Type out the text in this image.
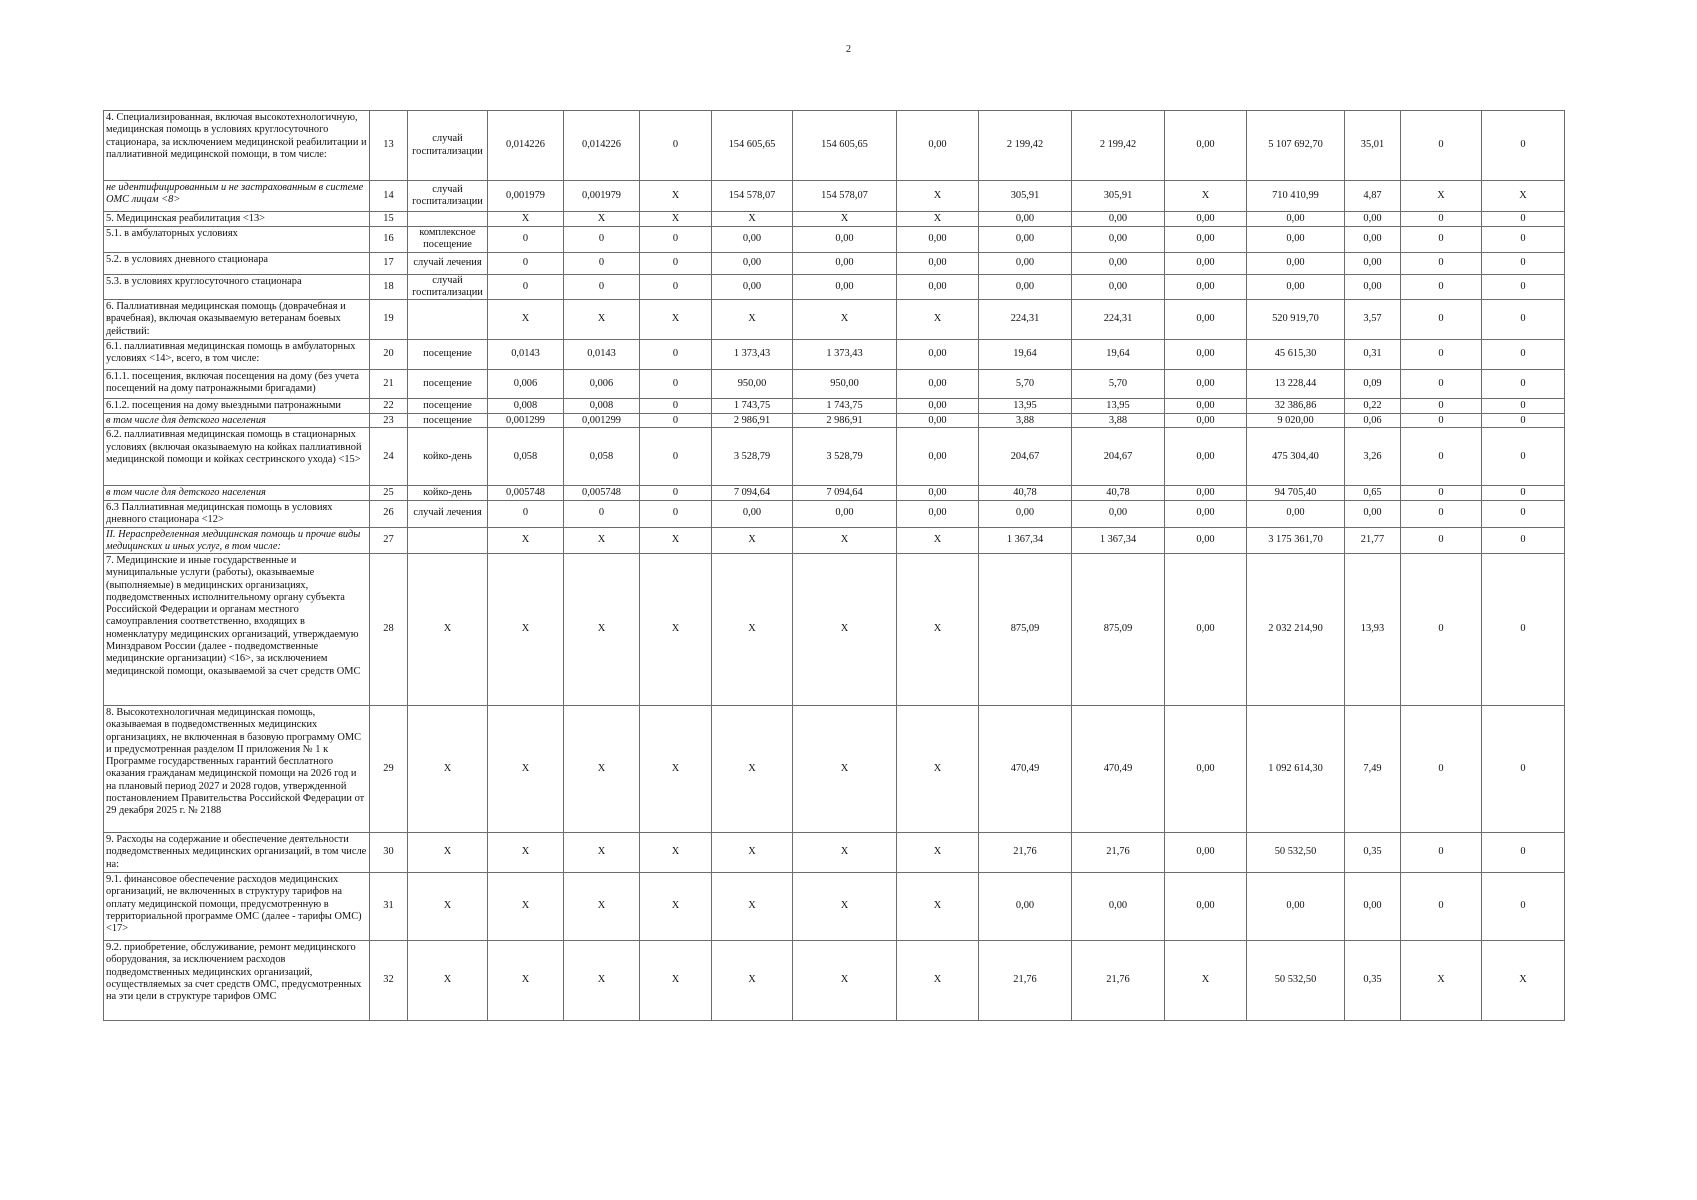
2
4. Специализированная, включая высокотехнологичную, медицинская помощь в условиях круглосуточного стационара, за исключением медицинской реабилитации и паллиативной медицинской помощи, в том числе:	13	случай госпитализации	0,014226	0,014226	0	154 605,65	154 605,65	0,00	2 199,42	2 199,42	0,00	5 107 692,70	35,01	0	0
не идентифицированным и не застрахованным в системе ОМС лицам <8>	14	случай госпитализации	0,001979	0,001979	X	154 578,07	154 578,07	X	305,91	305,91	X	710 410,99	4,87	X	X
5. Медицинская реабилитация <13>	15		X	X	X	X	X	X	0,00	0,00	0,00	0,00	0,00	0	0
5.1. в амбулаторных условиях	16	комплексное посещение	0	0	0	0,00	0,00	0,00	0,00	0,00	0,00	0,00	0,00	0	0
5.2. в условиях дневного стационара	17	случай лечения	0	0	0	0,00	0,00	0,00	0,00	0,00	0,00	0,00	0,00	0	0
5.3. в условиях круглосуточного стационара	18	случай госпитализации	0	0	0	0,00	0,00	0,00	0,00	0,00	0,00	0,00	0,00	0	0
6. Паллиативная медицинская помощь (доврачебная и врачебная), включая оказываемую ветеранам боевых действий:	19		X	X	X	X	X	X	224,31	224,31	0,00	520 919,70	3,57	0	0
6.1. паллиативная медицинская помощь в амбулаторных условиях <14>, всего, в том числе:	20	посещение	0,0143	0,0143	0	1 373,43	1 373,43	0,00	19,64	19,64	0,00	45 615,30	0,31	0	0
6.1.1. посещения, включая посещения на дому (без учета посещений на дому патронажными бригадами)	21	посещение	0,006	0,006	0	950,00	950,00	0,00	5,70	5,70	0,00	13 228,44	0,09	0	0
6.1.2. посещения на дому выездными патронажными	22	посещение	0,008	0,008	0	1 743,75	1 743,75	0,00	13,95	13,95	0,00	32 386,86	0,22	0	0
в том числе для детского населения	23	посещение	0,001299	0,001299	0	2 986,91	2 986,91	0,00	3,88	3,88	0,00	9 020,00	0,06	0	0
6.2. паллиативная медицинская помощь в стационарных условиях (включая оказываемую на койках паллиативной медицинской помощи и койках сестринского ухода) <15>	24	койко-день	0,058	0,058	0	3 528,79	3 528,79	0,00	204,67	204,67	0,00	475 304,40	3,26	0	0
в том числе для детского населения	25	койко-день	0,005748	0,005748	0	7 094,64	7 094,64	0,00	40,78	40,78	0,00	94 705,40	0,65	0	0
6.3 Паллиативная медицинская помощь в условиях дневного стационара <12>	26	случай лечения	0	0	0	0,00	0,00	0,00	0,00	0,00	0,00	0,00	0,00	0	0
II. Нераспределенная медицинская помощь и прочие виды медицинских и иных услуг, в том числе:	27		X	X	X	X	X	X	1 367,34	1 367,34	0,00	3 175 361,70	21,77	0	0
7. Медицинские и иные государственные и муниципальные услуги (работы), оказываемые (выполняемые) в медицинских организациях, подведомственных исполнительному органу субъекта Российской Федерации и органам местного самоуправления соответственно, входящих в номенклатуру медицинских организаций, утверждаемую Минздравом России (далее - подведомственные медицинские организации) <16>, за исключением медицинской помощи, оказываемой за счет средств ОМС	28	X	X	X	X	X	X	X	875,09	875,09	0,00	2 032 214,90	13,93	0	0
8. Высокотехнологичная медицинская помощь, оказываемая в подведомственных медицинских организациях, не включенная в базовую программу ОМС и предусмотренная разделом II приложения № 1 к Программе государственных гарантий бесплатного оказания гражданам медицинской помощи на 2026 год и на плановый период 2027 и 2028 годов, утвержденной постановлением Правительства Российской Федерации от 29 декабря 2025 г. № 2188	29	X	X	X	X	X	X	X	470,49	470,49	0,00	1 092 614,30	7,49	0	0
9. Расходы на содержание и обеспечение деятельности подведомственных медицинских организаций, в том числе на:	30	X	X	X	X	X	X	X	21,76	21,76	0,00	50 532,50	0,35	0	0
9.1. финансовое обеспечение расходов медицинских организаций, не включенных в структуру тарифов на оплату медицинской помощи, предусмотренную в территориальной программе ОМС (далее - тарифы ОМС) <17>	31	X	X	X	X	X	X	X	0,00	0,00	0,00	0,00	0,00	0	0
9.2. приобретение, обслуживание, ремонт медицинского оборудования, за исключением расходов подведомственных медицинских организаций, осуществляемых за счет средств ОМС, предусмотренных на эти цели в структуре тарифов ОМС	32	X	X	X	X	X	X	X	21,76	21,76	X	50 532,50	0,35	X	X
